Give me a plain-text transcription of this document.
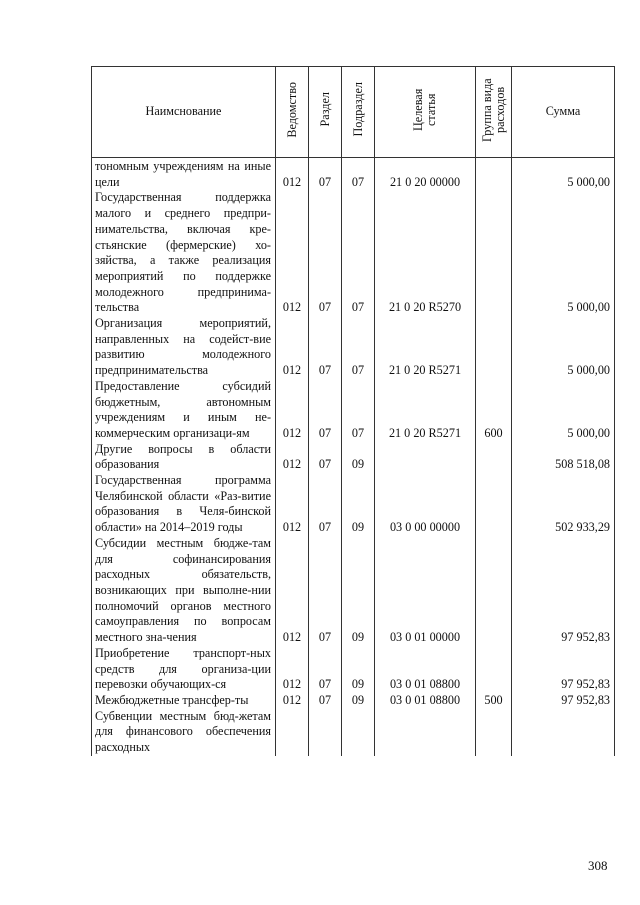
Наимснование	Ведомство	Раздел	Подраздел	Целевая статья	Группа вида расходов	Сумма
тономным учреждениям на иные цели	012	07	07	21 0 20 00000		5 000,00
Государственная поддержка малого и среднего предпри-нимательства, включая кре-стьянские (фермерские) хо-зяйства, а также реализация мероприятий по поддержке молодежного предпринима-тельства	012	07	07	21 0 20 R5270		5 000,00
Организация мероприятий, направленных на содейст-вие развитию молодежного предпринимательства	012	07	07	21 0 20 R5271		5 000,00
Предоставление субсидий бюджетным, автономным учреждениям и иным не-коммерческим организаци-ям	012	07	07	21 0 20 R5271	600	5 000,00
Другие вопросы в области образования	012	07	09			508 518,08
Государственная программа Челябинской области «Раз-витие образования в Челя-бинской области» на 2014–2019 годы	012	07	09	03 0 00 00000		502 933,29
Субсидии местным бюдже-там для софинансирования расходных обязательств, возникающих при выполне-нии полномочий органов местного самоуправления по вопросам местного зна-чения	012	07	09	03 0 01 00000		97 952,83
Приобретение транспорт-ных средств для организа-ции перевозки обучающих-ся	012	07	09	03 0 01 08800		97 952,83
Межбюджетные трансфер-ты	012	07	09	03 0 01 08800	500	97 952,83
Субвенции местным бюд-жетам для финансового обеспечения расходных						
308
